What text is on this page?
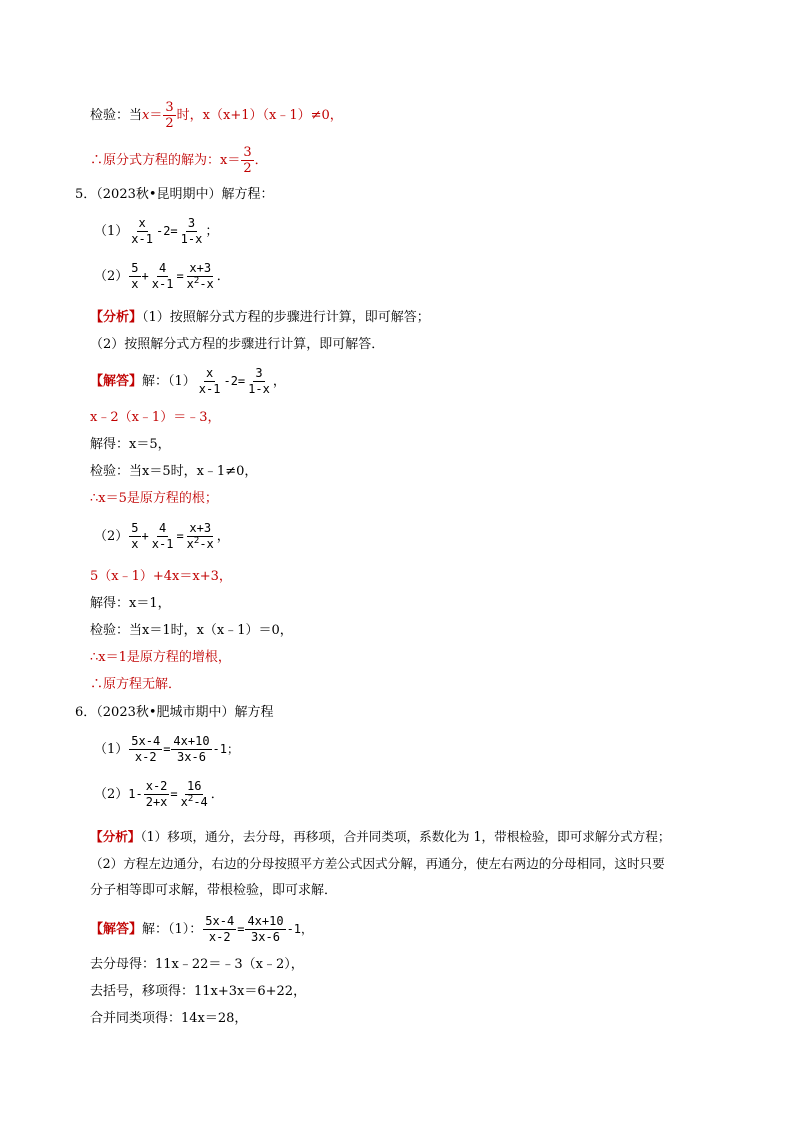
检验：当$x= \frac{3}{2}$ 时，x（x+1）（x﹣1）≠0，
∴原分式方程的解为：$x= \frac{3}{2}$ ．
5．（2023秋•昆明期中）解方程：
$(1) \frac{x}{x-1} -2= \frac{3}{1-x}$ ；
$(2) \frac{5}{x} + \frac{4}{x-1} = \frac{x+3}{x^2-x}$ ．
【分析】（1）按照解分式方程的步骤进行计算，即可解答；
（2）按照解分式方程的步骤进行计算，即可解答．
【解答】解：$(1) \frac{x}{x-1} -2= \frac{3}{1-x}$ ，
x﹣2（x﹣1）＝﹣3，
解得：x＝5，
检验：当x＝5时，x﹣1≠0，
∴x＝5是原方程的根；
$(2) \frac{5}{x} + \frac{4}{x-1} = \frac{x+3}{x^2-x}$ ，
5（x﹣1）+4x＝x+3，
解得：x＝1，
检验：当x＝1时，x（x﹣1）＝0，
∴x＝1是原方程的增根，
∴原方程无解．
6．（2023秋•肥城市期中）解方程
$(1) \frac{5x-4}{x-2} = \frac{4x+10}{3x-6} -1$；
$(2)1- \frac{x-2}{2+x} = \frac{16}{x^2-4}$ ．
【分析】（1）移项，通分，去分母，再移项，合并同类项，系数化为 1，带根检验，即可求解分式方程；
（2）方程左边通分，右边的分母按照平方差公式因式分解，再通分，使左右两边的分母相同，这时只要
分子相等即可求解，带根检验，即可求解．
【解答】解：（1）： $\frac{5x-4}{x-2} = \frac{4x+10}{3x-6} -1$，
去分母得：11x﹣22＝﹣3（x﹣2），
去括号，移项得：11x+3x＝6+22，
合并同类项得：14x＝28，
